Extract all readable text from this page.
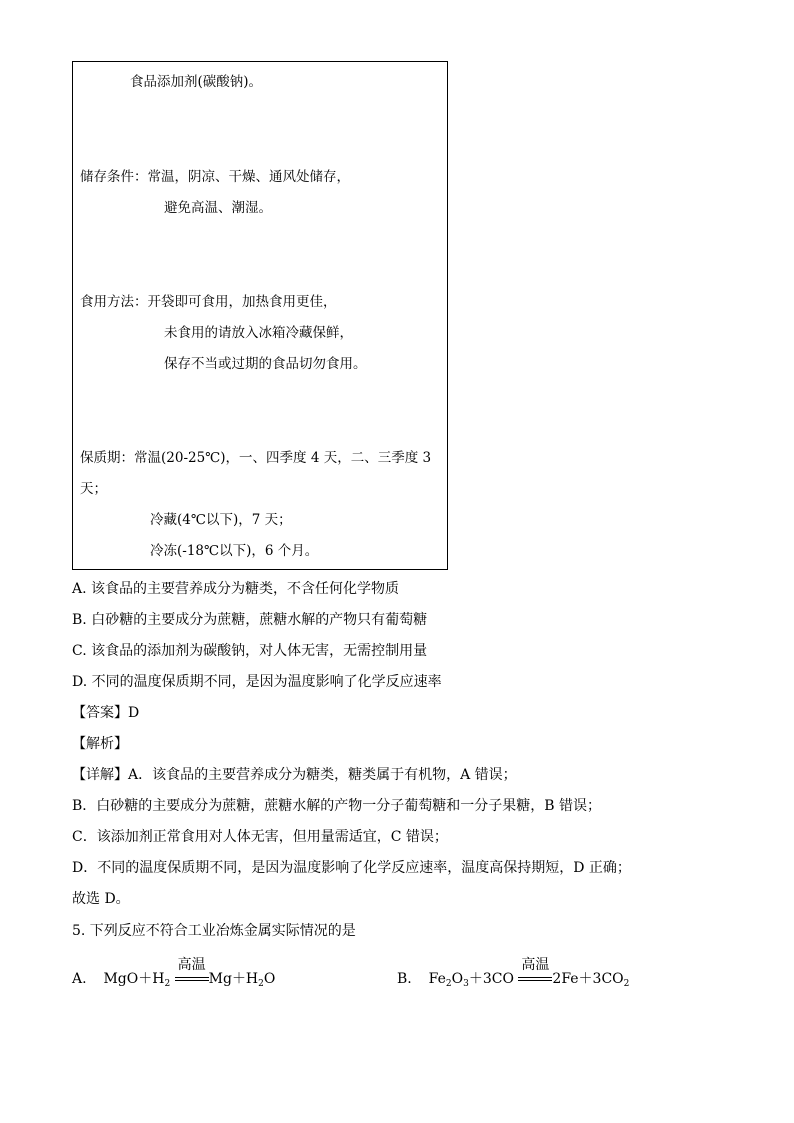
食品添加剂(碳酸钠)。
储存条件：常温，阴凉、干燥、通风处储存，
避免高温、潮湿。
食用方法：开袋即可食用，加热食用更佳，
未食用的请放入冰箱冷藏保鲜，
保存不当或过期的食品切勿食用。
保质期：常温(20-25℃)，一、四季度 4 天，二、三季度 3
天；
冷藏(4℃以下)，7 天；
冷冻(-18℃以下)，6 个月。
A. 该食品的主要营养成分为糖类，不含任何化学物质
B. 白砂糖的主要成分为蔗糖，蔗糖水解的产物只有葡萄糖
C. 该食品的添加剂为碳酸钠，对人体无害，无需控制用量
D. 不同的温度保质期不同，是因为温度影响了化学反应速率
【答案】D
【解析】
【详解】A．该食品的主要营养成分为糖类，糖类属于有机物，A 错误；
B．白砂糖的主要成分为蔗糖，蔗糖水解的产物一分子葡萄糖和一分子果糖，B 错误；
C．该添加剂正常食用对人体无害，但用量需适宜，C 错误；
D．不同的温度保质期不同，是因为温度影响了化学反应速率，温度高保持期短，D 正确；
故选 D。
5. 下列反应不符合工业冶炼金属实际情况的是
A. $MgO+H_2$
高温
$Mg+H_2O$	B. $Fe_2O_3+3CO$
高温
$2Fe+3CO_2$
